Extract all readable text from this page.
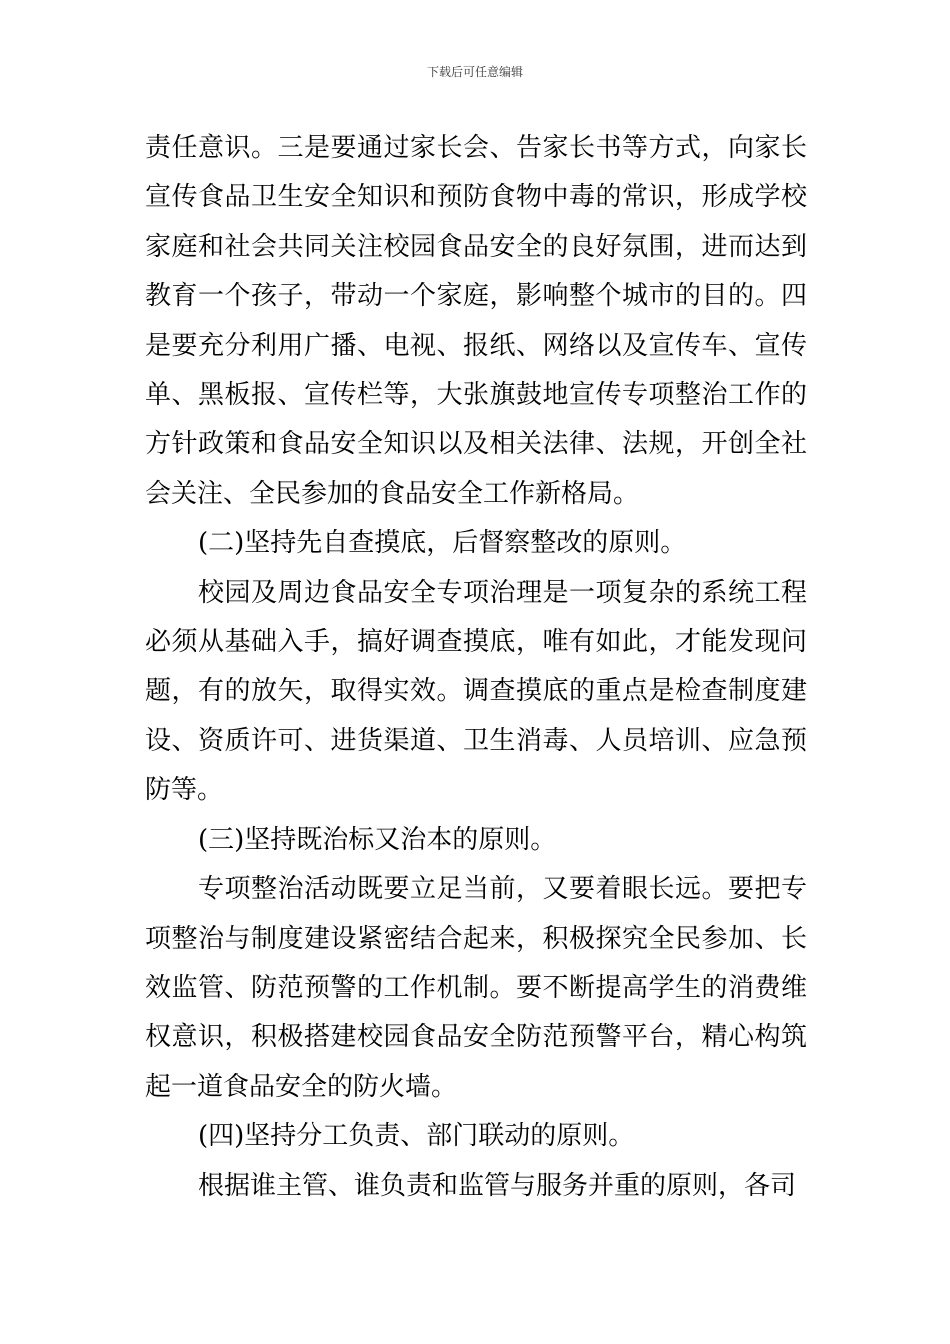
下载后可任意编辑

责任意识。三是要通过家长会、告家长书等方式，向家长宣传食品卫生安全知识和预防食物中毒的常识，形成学校家庭和社会共同关注校园食品安全的良好氛围，进而达到教育一个孩子，带动一个家庭，影响整个城市的目的。四是要充分利用广播、电视、报纸、网络以及宣传车、宣传单、黑板报、宣传栏等，大张旗鼓地宣传专项整治工作的方针政策和食品安全知识以及相关法律、法规，开创全社会关注、全民参加的食品安全工作新格局。

(二)坚持先自查摸底，后督察整改的原则。

校园及周边食品安全专项治理是一项复杂的系统工程必须从基础入手，搞好调查摸底，唯有如此，才能发现问题，有的放矢，取得实效。调查摸底的重点是检查制度建设、资质许可、进货渠道、卫生消毒、人员培训、应急预防等。

(三)坚持既治标又治本的原则。

专项整治活动既要立足当前，又要着眼长远。要把专项整治与制度建设紧密结合起来，积极探究全民参加、长效监管、防范预警的工作机制。要不断提高学生的消费维权意识，积极搭建校园食品安全防范预警平台，精心构筑起一道食品安全的防火墙。

(四)坚持分工负责、部门联动的原则。

根据谁主管、谁负责和监管与服务并重的原则，各司
